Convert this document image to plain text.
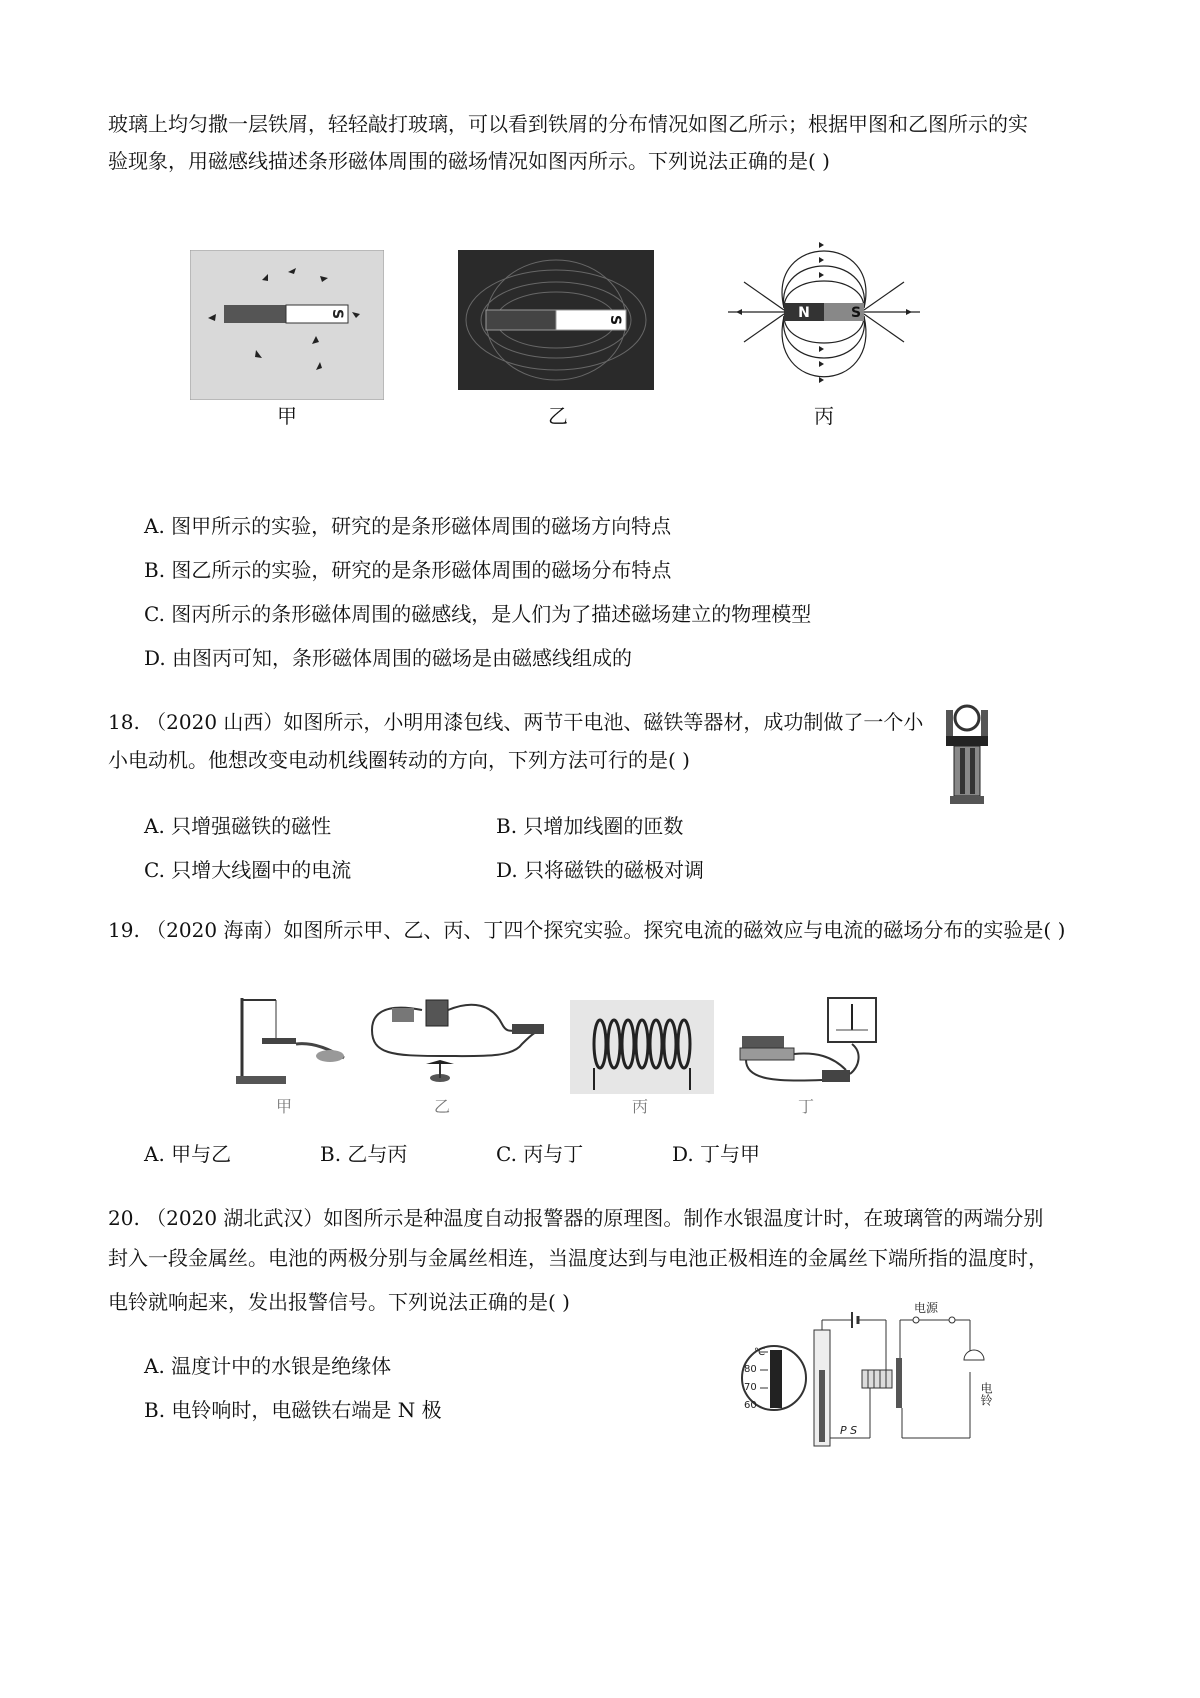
玻璃上均匀撒一层铁屑，轻轻敲打玻璃，可以看到铁屑的分布情况如图乙所示；根据甲图和乙图所示的实
验现象，用磁感线描述条形磁体周围的磁场情况如图丙所示。下列说法正确的是( )
S
甲
S
乙
N	S
丙
A. 图甲所示的实验，研究的是条形磁体周围的磁场方向特点
B. 图乙所示的实验，研究的是条形磁体周围的磁场分布特点
C. 图丙所示的条形磁体周围的磁感线，是人们为了描述磁场建立的物理模型
D. 由图丙可知，条形磁体周围的磁场是由磁感线组成的
18. （2020 山西）如图所示，小明用漆包线、两节干电池、磁铁等器材，成功制做了一个小
小电动机。他想改变电动机线圈转动的方向，下列方法可行的是( )
A. 只增强磁铁的磁性	B. 只增加线圈的匝数
C. 只增大线圈中的电流	D. 只将磁铁的磁极对调
19. （2020 海南）如图所示甲、乙、丙、丁四个探究实验。探究电流的磁效应与电流的磁场分布的实验是( )
甲	乙	丙	丁
A. 甲与乙	B. 乙与丙	C. 丙与丁	D. 丁与甲
20. （2020 湖北武汉）如图所示是种温度自动报警器的原理图。制作水银温度计时，在玻璃管的两端分别
封入一段金属丝。电池的两极分别与金属丝相连，当温度达到与电池正极相连的金属丝下端所指的温度时，
电铃就响起来，发出报警信号。下列说法正确的是( )
A. 温度计中的水银是绝缘体
B. 电铃响时，电磁铁右端是 N 极
℃
80
70
60
P S
电源
电铃
